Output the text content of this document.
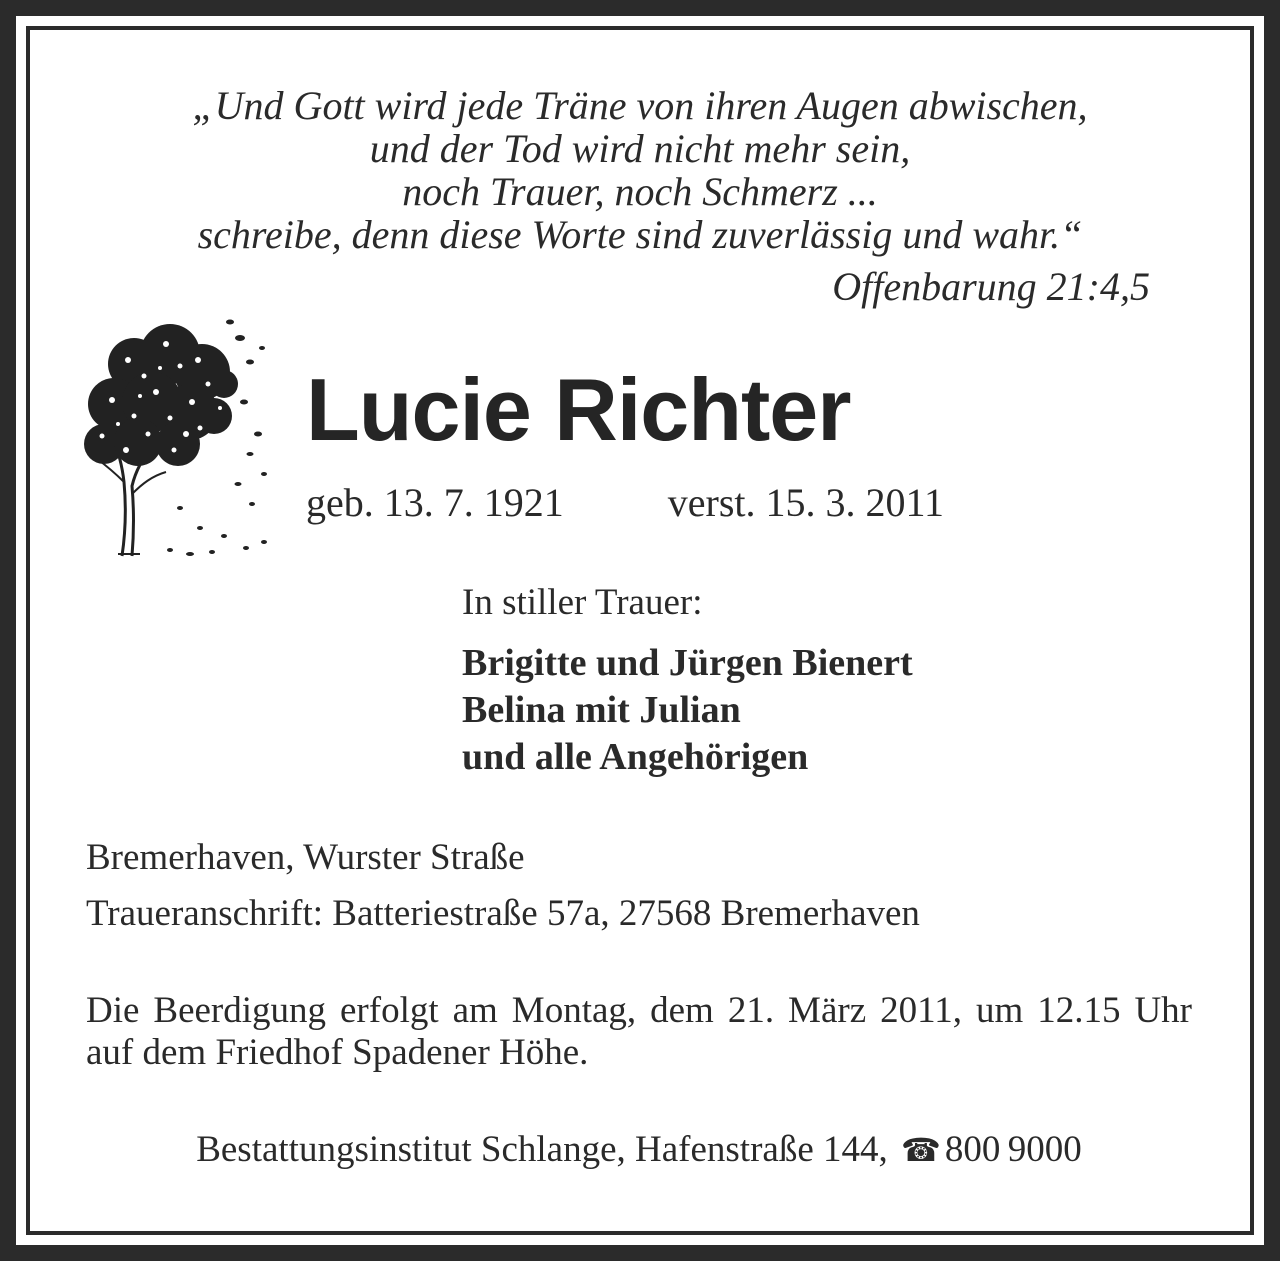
„Und Gott wird jede Träne von ihren Augen abwischen,
und der Tod wird nicht mehr sein,
noch Trauer, noch Schmerz ...
schreibe, denn diese Worte sind zuverlässig und wahr.“

Offenbarung 21:4,5

Lucie Richter

geb. 13. 7. 1921	verst. 15. 3. 2011

In stiller Trauer:

Brigitte und Jürgen Bienert
Belina mit Julian
und alle Angehörigen

Bremerhaven, Wurster Straße

Traueranschrift: Batteriestraße 57a, 27568 Bremerhaven

Die Beerdigung erfolgt am Montag, dem 21. März 2011, um 12.15 Uhr auf dem Friedhof Spadener Höhe.

Bestattungsinstitut Schlange, Hafenstraße 144, ☎ 800 9000
